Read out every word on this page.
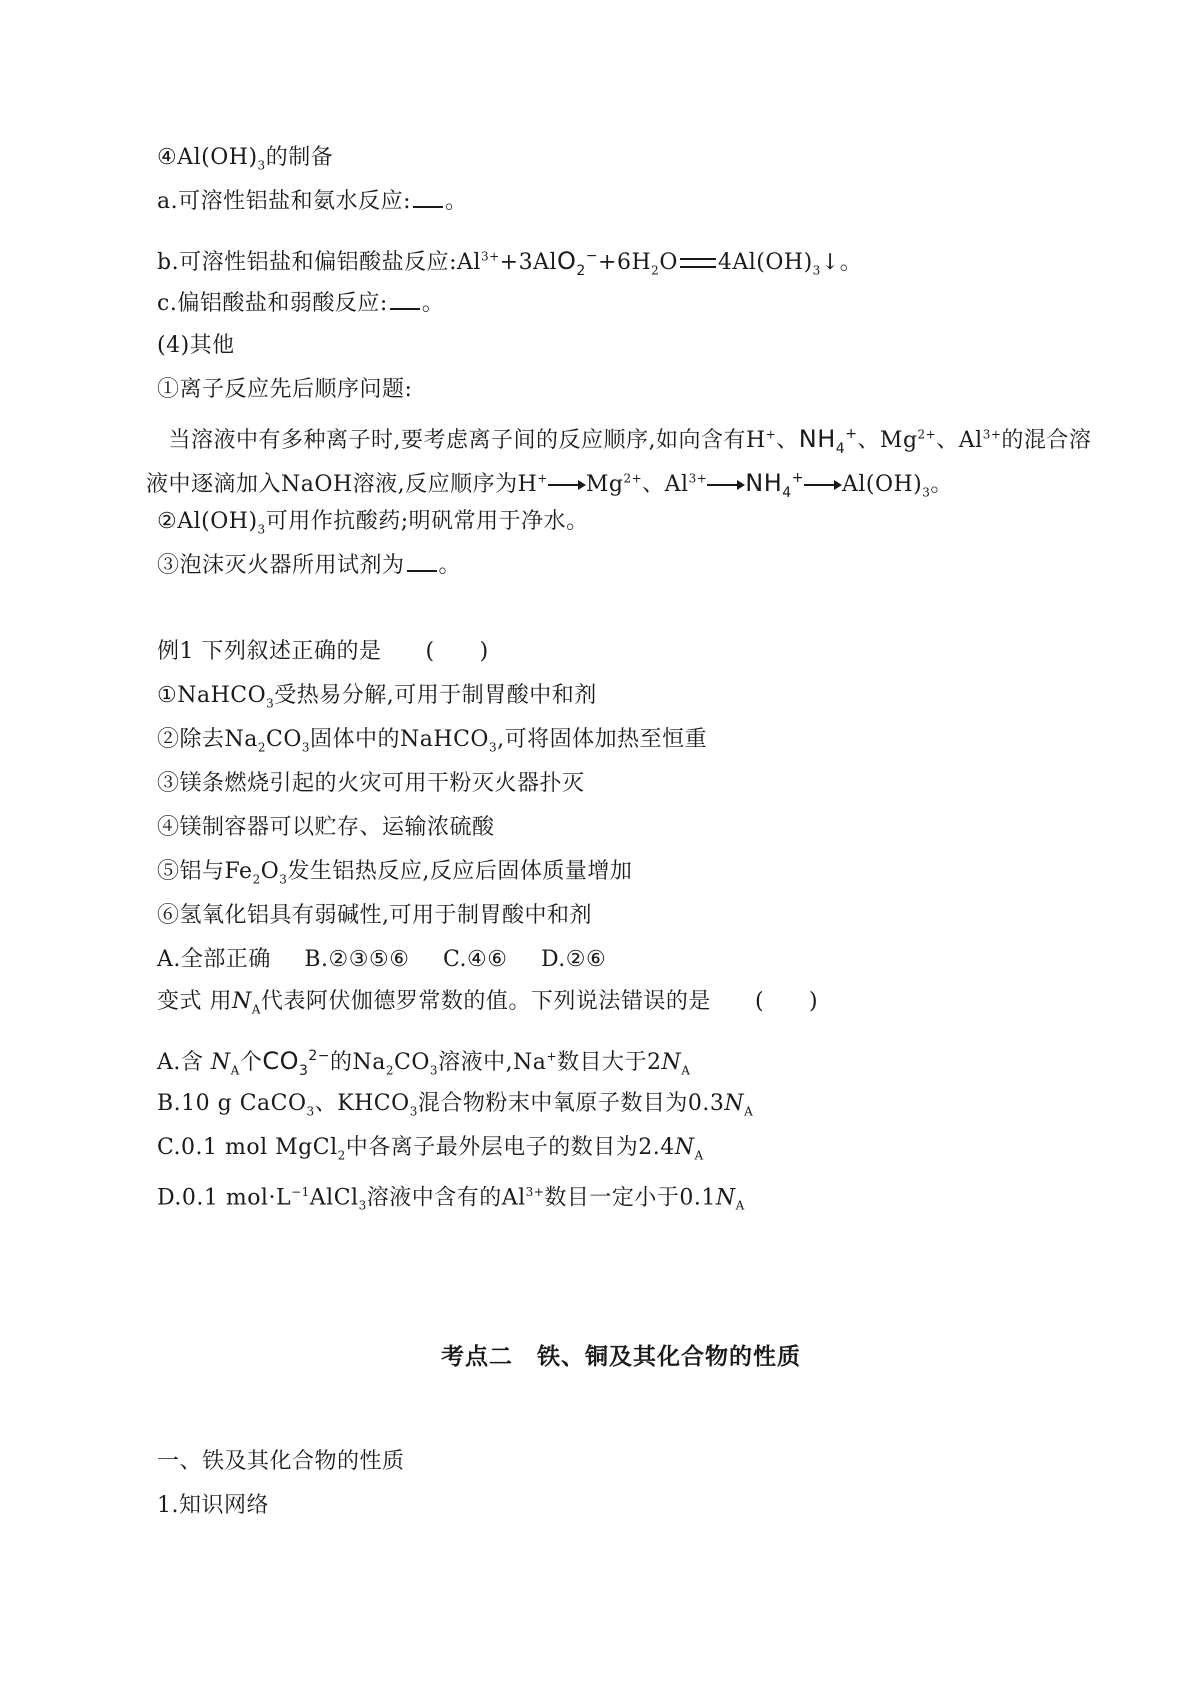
$④Al(OH)_3$的制备
a.可溶性铝盐和氨水反应: 。
b.可溶性铝盐和偏铝酸盐反应$:Al^{3+}+3AlO_2^-+6H_2O$ $4Al(OH)_3↓$。
c.偏铝酸盐和弱酸反应: 。
(4)其他
①离子反应先后顺序问题:
　当溶液中有多种离子时,要考虑离子间的反应顺序,如向含有H+、$NH_4^+$、$Mg^{2+}$、$Al^{3+}$的混合溶
液中逐滴加入NaOH溶液,反应顺序为H+ $Mg^{2+}$、$Al^{3+}$ $NH_4^+$ $Al(OH)_3$。
$②Al(OH)_3$可用作抗酸药;明矾常用于净水。
③泡沫灭火器所用试剂为 。
例1 下列叙述正确的是 (　　)
①NaHCO$_3$受热易分解,可用于制胃酸中和剂
②除去$Na_2CO_3$固体中的NaHCO$_3$,可将固体加热至恒重
③镁条燃烧引起的火灾可用干粉灭火器扑灭
④镁制容器可以贮存、运输浓硫酸
⑤铝与$Fe_2O_3$发生铝热反应,反应后固体质量增加
⑥氢氧化铝具有弱碱性,可用于制胃酸中和剂
A.全部正确 B.②③⑤⑥ C.④⑥ D.②⑥
变式 用$N_A$代表阿伏伽德罗常数的值。下列说法错误的是 (　　)
A.含 $N_A$个$CO_3^{2-}$的$Na_2CO_3$溶液中,Na+数目大于$2N_A$
B.10 g CaCO$_3$、$KHCO_3$混合物粉末中氧原子数目为$0.3N_A$
C.0.1 mol MgCl$_2$中各离子最外层电子的数目为$2.4N_A$
D.0.1 $mol\cdot L^{-1}AlCl_3$溶液中含有的$Al^{3+}$数目一定小于$0.1N_A$
考点二　铁、铜及其化合物的性质
一、铁及其化合物的性质
1.知识网络
